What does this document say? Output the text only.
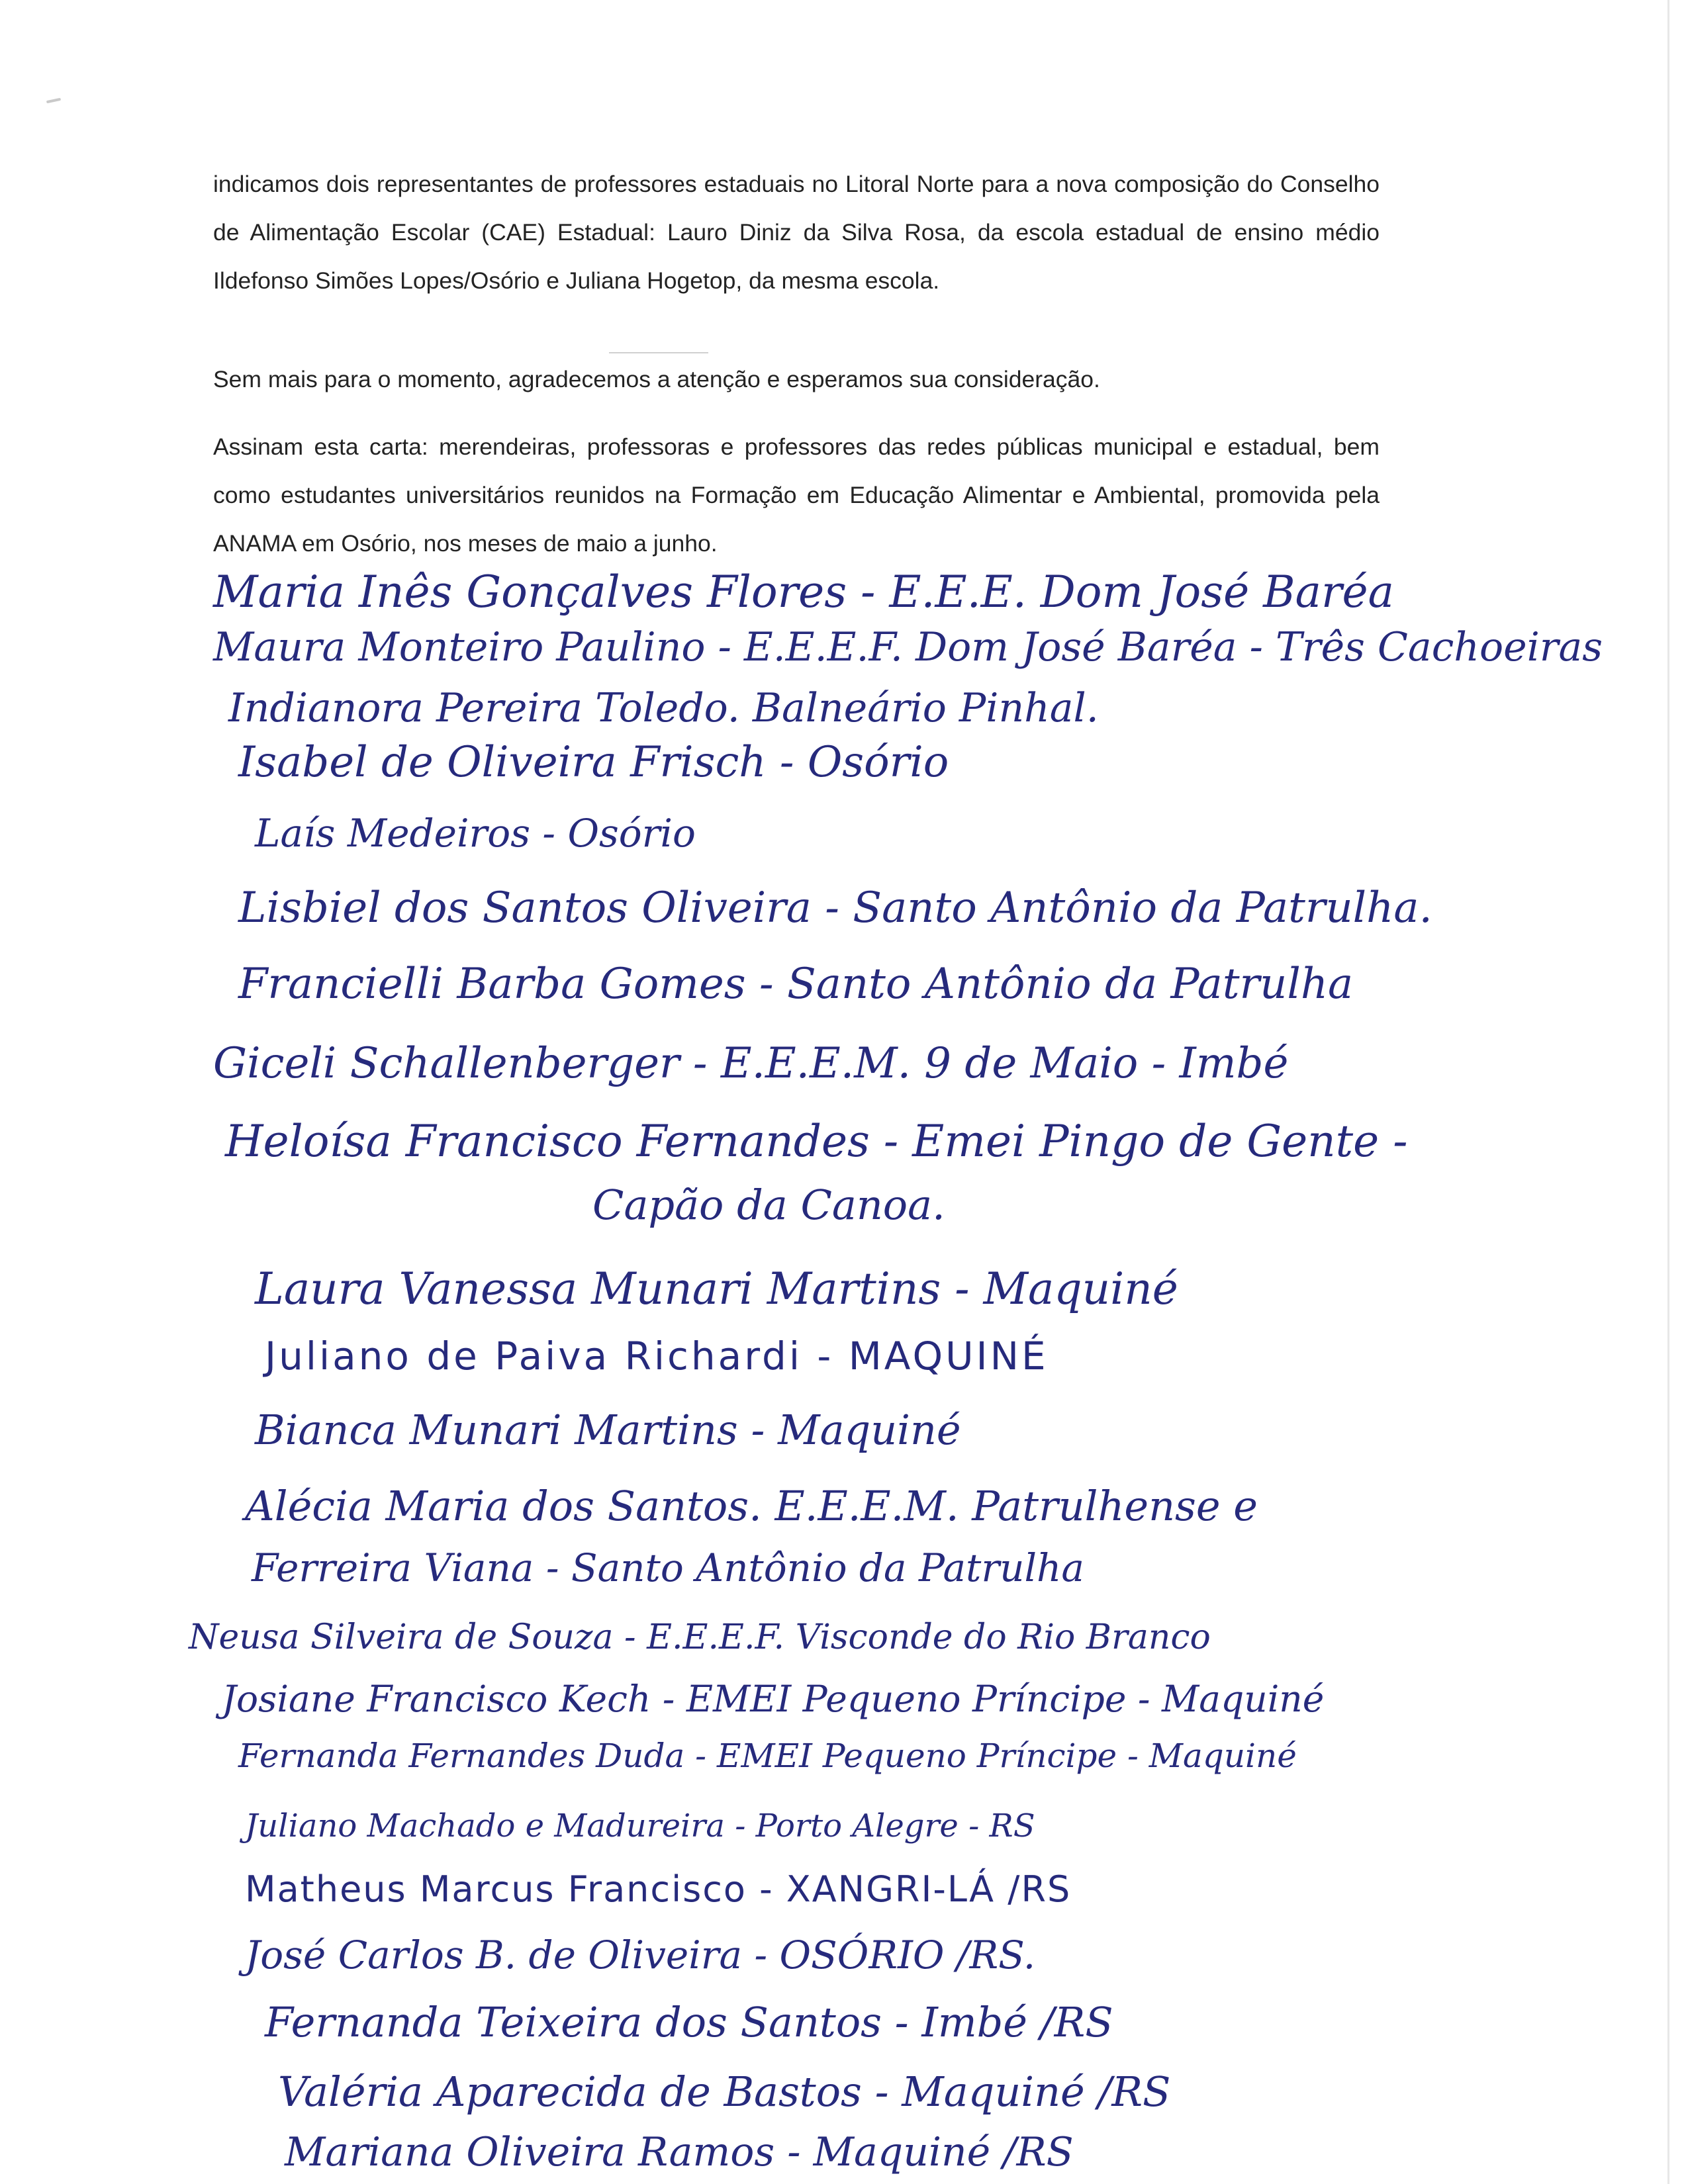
indicamos dois representantes de professores estaduais no Litoral Norte para a nova composição do Conselho de Alimentação Escolar (CAE) Estadual: Lauro Diniz da Silva Rosa, da escola estadual de ensino médio Ildefonso Simões Lopes/Osório e Juliana Hogetop, da mesma escola.

Sem mais para o momento, agradecemos a atenção e esperamos sua consideração.

Assinam esta carta: merendeiras, professoras e professores das redes públicas municipal e estadual, bem como estudantes universitários reunidos na Formação em Educação Alimentar e Ambiental, promovida pela ANAMA em Osório, nos meses de maio a junho.

Maria Inês Gonçalves Flores - E.E.E. Dom José Baréa

Maura Monteiro Paulino - E.E.E.F. Dom José Baréa - Três Cachoeiras

Indianora Pereira Toledo. Balneário Pinhal.

Isabel de Oliveira Frisch - Osório

Laís Medeiros - Osório

Lisbiel dos Santos Oliveira - Santo Antônio da Patrulha.

Francielli Barba Gomes - Santo Antônio da Patrulha

Giceli Schallenberger - E.E.E.M. 9 de Maio - Imbé

Heloísa Francisco Fernandes - Emei Pingo de Gente -

Capão da Canoa.

Laura Vanessa Munari Martins - Maquiné

Juliano de Paiva Richardi - MAQUINÉ

Bianca Munari Martins - Maquiné

Alécia Maria dos Santos. E.E.E.M. Patrulhense e

Ferreira Viana - Santo Antônio da Patrulha

Neusa Silveira de Souza - E.E.E.F. Visconde do Rio Branco

Josiane Francisco Kech - EMEI Pequeno Príncipe - Maquiné

Fernanda Fernandes Duda - EMEI Pequeno Príncipe - Maquiné

Juliano Machado e Madureira - Porto Alegre - RS

Matheus Marcus Francisco - XANGRI-LÁ /RS

José Carlos B. de Oliveira - OSÓRIO /RS.

Fernanda Teixeira dos Santos - Imbé /RS

Valéria Aparecida de Bastos - Maquiné /RS

Mariana Oliveira Ramos - Maquiné /RS
